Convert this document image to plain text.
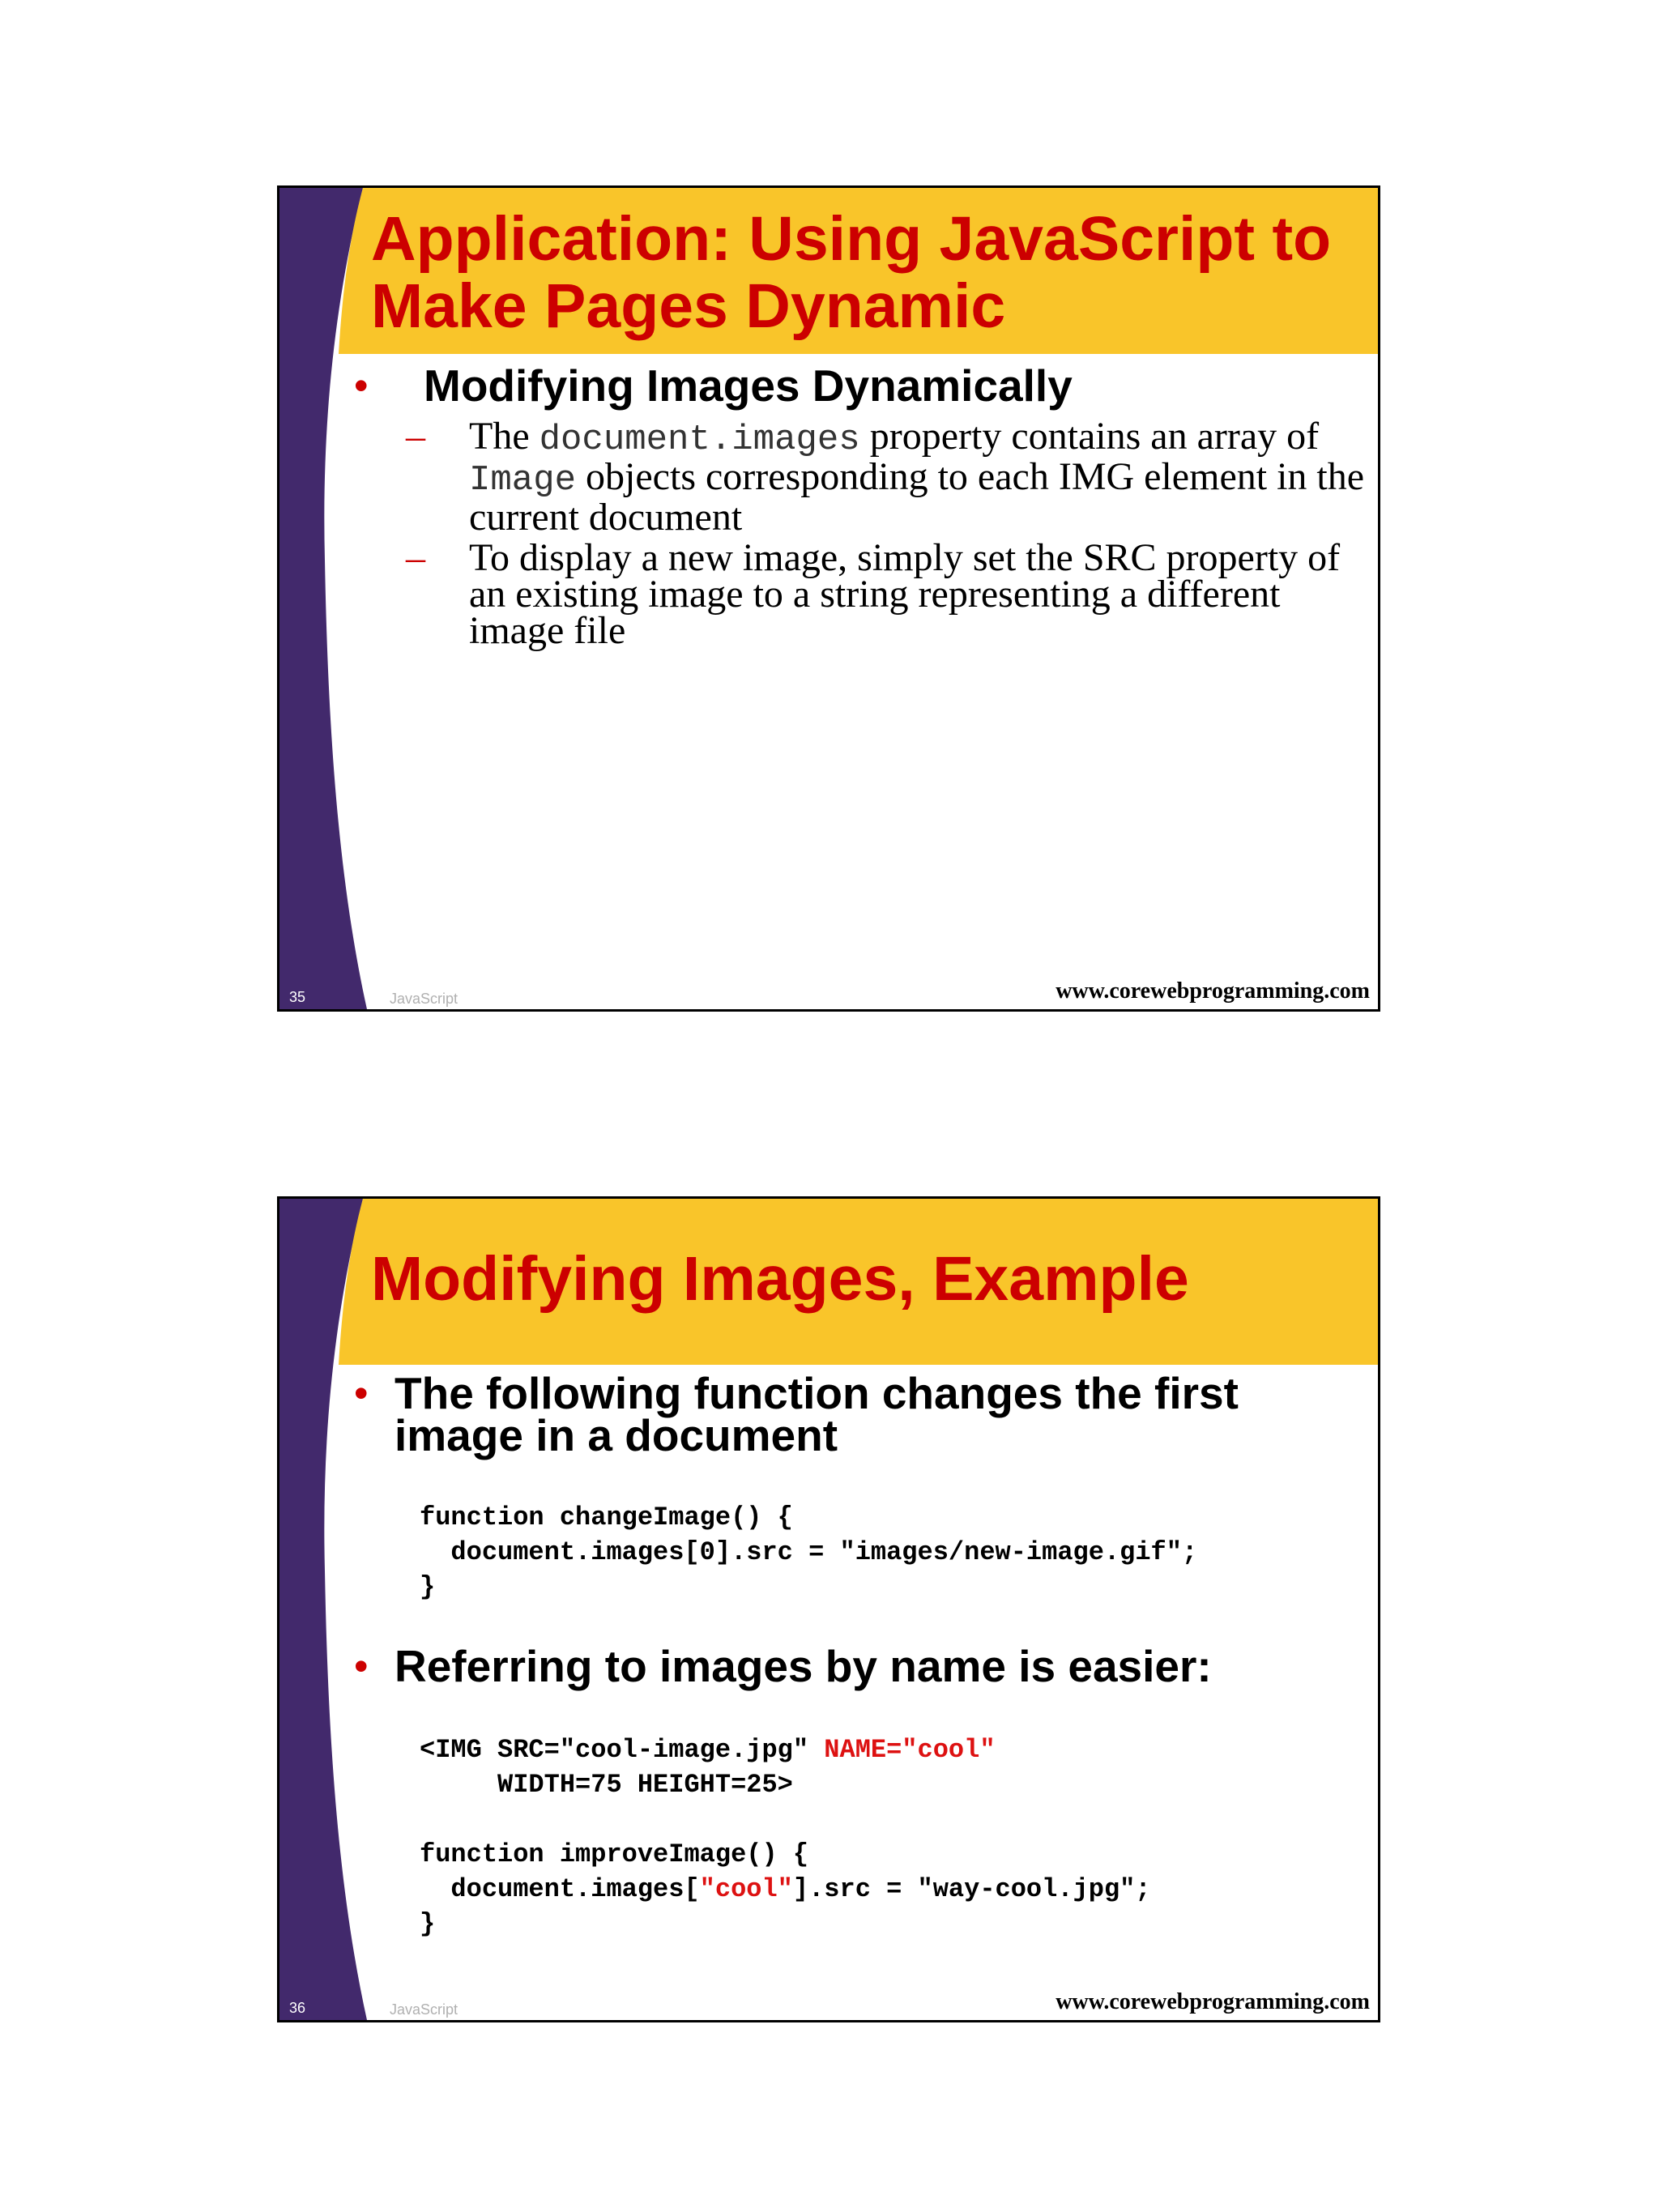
Application: Using JavaScript to Make Pages Dynamic
• Modifying Images Dynamically
– The document.images property contains an array of Image objects corresponding to each IMG element in the current document
– To display a new image, simply set the SRC property of an existing image to a string representing a different image file
35	JavaScript	www.corewebprogramming.com
Modifying Images, Example
• The following function changes the first image in a document
function changeImage() {
document.images[0].src = "images/new-image.gif";
}
• Referring to images by name is easier:
<IMG SRC="cool-image.jpg" NAME="cool"
WIDTH=75 HEIGHT=25>

function improveImage() {
document.images["cool"].src = "way-cool.jpg";
}
36	JavaScript	www.corewebprogramming.com
